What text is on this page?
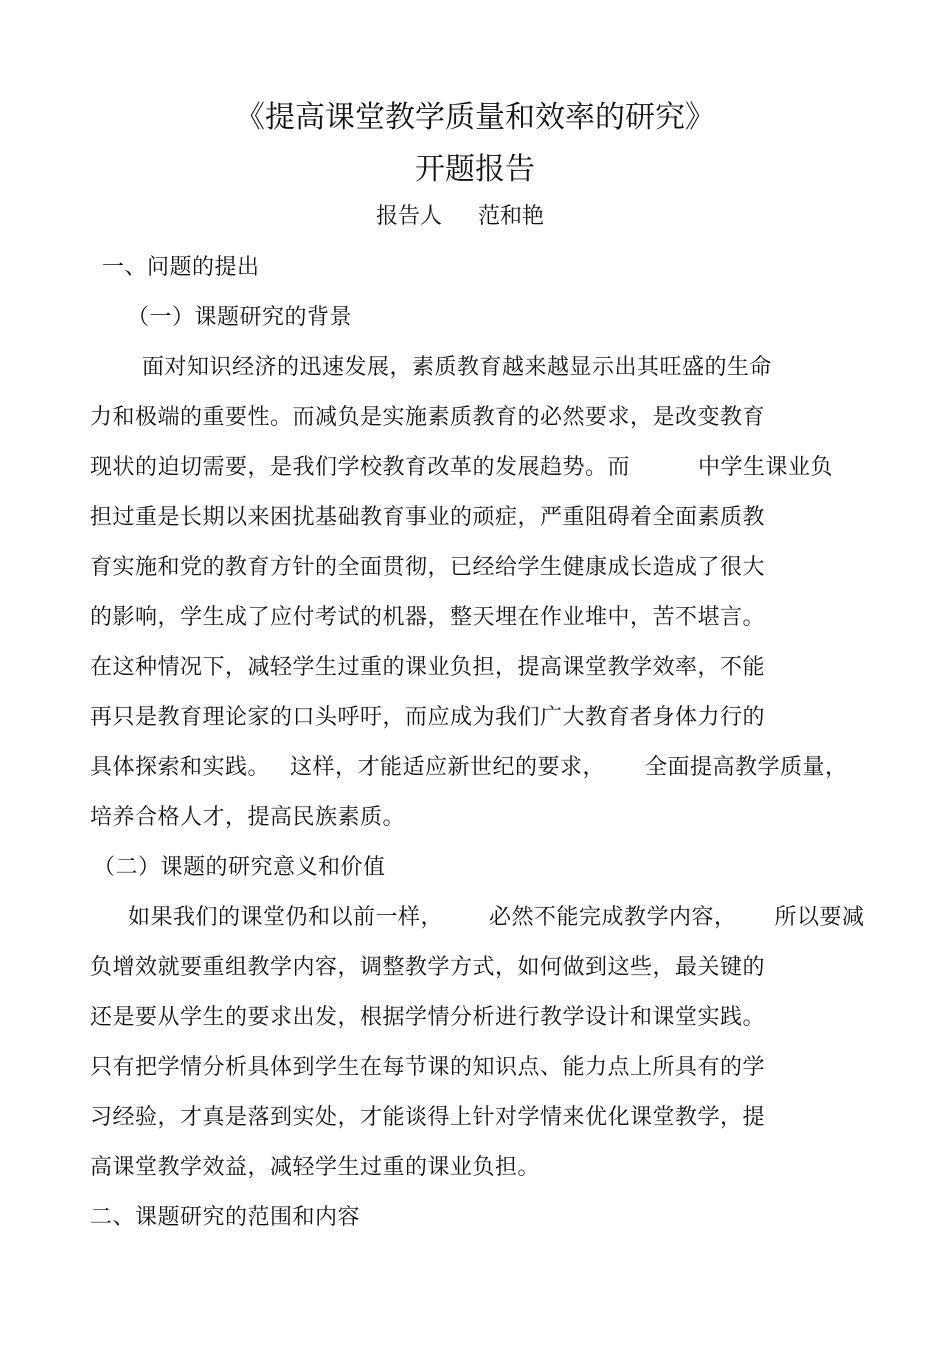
《提高课堂教学质量和效率的研究》
开题报告
报告人 范和艳
一、问题的提出
（一）课题研究的背景
面对知识经济的迅速发展，素质教育越来越显示出其旺盛的生命
力和极端的重要性。而减负是实施素质教育的必然要求，是改变教育
现状的迫切需要，是我们学校教育改革的发展趋势。而	中学生课业负
担过重是长期以来困扰基础教育事业的顽症，严重阻碍着全面素质教
育实施和党的教育方针的全面贯彻，已经给学生健康成长造成了很大
的影响，学生成了应付考试的机器，整天埋在作业堆中，苦不堪言。
在这种情况下，减轻学生过重的课业负担，提高课堂教学效率，不能
再只是教育理论家的口头呼吁，而应成为我们广大教育者身体力行的
具体探索和实践。 这样，才能适应新世纪的要求， 全面提高教学质量，
培养合格人才，提高民族素质。
（二）课题的研究意义和价值
如果我们的课堂仍和以前一样， 必然不能完成教学内容， 所以要减
负增效就要重组教学内容，调整教学方式，如何做到这些，最关键的
还是要从学生的要求出发，根据学情分析进行教学设计和课堂实践。
只有把学情分析具体到学生在每节课的知识点、能力点上所具有的学
习经验，才真是落到实处，才能谈得上针对学情来优化课堂教学，提
高课堂教学效益，减轻学生过重的课业负担。
二、课题研究的范围和内容
